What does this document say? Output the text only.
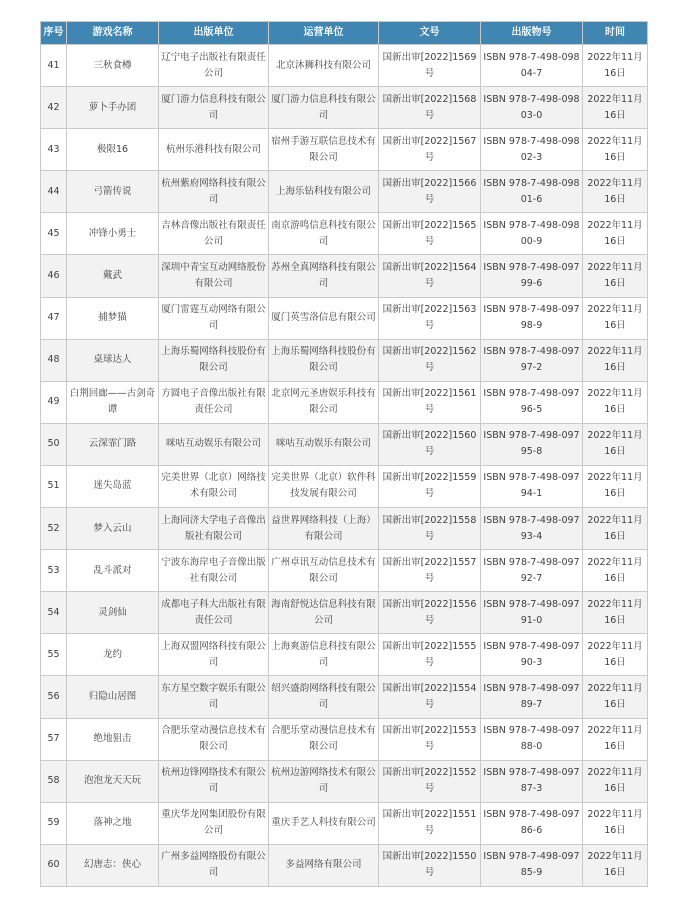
序号	游戏名称	出版单位	运营单位	文号	出版物号	时间
41	三秋食樽	辽宁电子出版社有限责任公司	北京沐狮科技有限公司	国新出审[2022]1569号	ISBN 978-7-498-09804-7	2022年11月16日
42	萝卜手办团	厦门游力信息科技有限公司	厦门游力信息科技有限公司	国新出审[2022]1568号	ISBN 978-7-498-09803-0	2022年11月16日
43	极限16	杭州乐港科技有限公司	宿州手游互联信息技术有限公司	国新出审[2022]1567号	ISBN 978-7-498-09802-3	2022年11月16日
44	弓箭传说	杭州紫府网络科技有限公司	上海乐钻科技有限公司	国新出审[2022]1566号	ISBN 978-7-498-09801-6	2022年11月16日
45	冲锋小勇士	吉林音像出版社有限责任公司	南京游鸣信息科技有限公司	国新出审[2022]1565号	ISBN 978-7-498-09800-9	2022年11月16日
46	戴武	深圳中青宝互动网络股份有限公司	苏州全真网络科技有限公司	国新出审[2022]1564号	ISBN 978-7-498-09799-6	2022年11月16日
47	捕梦猫	厦门雷霆互动网络有限公司	厦门英雪洛信息有限公司	国新出审[2022]1563号	ISBN 978-7-498-09798-9	2022年11月16日
48	桌球达人	上海乐蜀网络科技股份有限公司	上海乐蜀网络科技股份有限公司	国新出审[2022]1562号	ISBN 978-7-498-09797-2	2022年11月16日
49	白荆回廊——古剑奇谭	方圆电子音像出版社有限责任公司	北京网元圣唐娱乐科技有限公司	国新出审[2022]1561号	ISBN 978-7-498-09796-5	2022年11月16日
50	云深霏门路	咪咕互动娱乐有限公司	咪咕互动娱乐有限公司	国新出审[2022]1560号	ISBN 978-7-498-09795-8	2022年11月16日
51	迷失岛蓝	完美世界（北京）网络技术有限公司	完美世界（北京）软件科技发展有限公司	国新出审[2022]1559号	ISBN 978-7-498-09794-1	2022年11月16日
52	梦入云山	上海同济大学电子音像出版社有限公司	益世界网络科技（上海）有限公司	国新出审[2022]1558号	ISBN 978-7-498-09793-4	2022年11月16日
53	乱斗派对	宁波东海岸电子音像出版社有限公司	广州卓讯互动信息技术有限公司	国新出审[2022]1557号	ISBN 978-7-498-09792-7	2022年11月16日
54	灵剑仙	成都电子科大出版社有限责任公司	海南舒悦达信息科技有限公司	国新出审[2022]1556号	ISBN 978-7-498-09791-0	2022年11月16日
55	龙约	上海双盟网络科技有限公司	上海爽游信息科技有限公司	国新出审[2022]1555号	ISBN 978-7-498-09790-3	2022年11月16日
56	归隐山居图	东方星空数字娱乐有限公司	绍兴盛韵网络科技有限公司	国新出审[2022]1554号	ISBN 978-7-498-09789-7	2022年11月16日
57	绝地狙击	合肥乐堂动漫信息技术有限公司	合肥乐堂动漫信息技术有限公司	国新出审[2022]1553号	ISBN 978-7-498-09788-0	2022年11月16日
58	泡泡龙天天玩	杭州边锋网络技术有限公司	杭州边游网络技术有限公司	国新出审[2022]1552号	ISBN 978-7-498-09787-3	2022年11月16日
59	落神之地	重庆华龙网集团股份有限公司	重庆手艺人科技有限公司	国新出审[2022]1551号	ISBN 978-7-498-09786-6	2022年11月16日
60	幻唐志：侠心	广州多益网络股份有限公司	多益网络有限公司	国新出审[2022]1550号	ISBN 978-7-498-09785-9	2022年11月16日
